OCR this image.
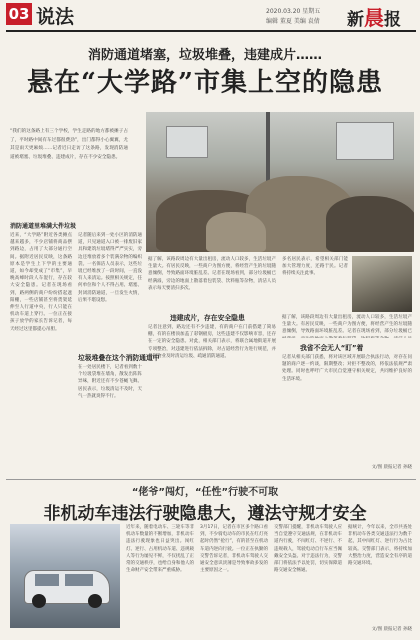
03 说法	2020.03.20 星期五
编辑 董夏 美编 袁倩 新晨报
消防通道堵塞，垃圾堆叠，违建成片……
悬在“大学路”市集上空的隐患
“我们的这条路上有三个学校，学生走路的地方都被摊子占了，平时路中间有车过都很费劲”，出门都得小心翼翼，尤其是雨天更麻烦……记者近日走访了这条路，发现消防通道被堵塞、垃圾堆叠、违建成片，存在不少安全隐患。
消防通道里堆满大件垃圾
近来，“大学路”附近各类摊点越来越多，不少店铺将商品摆到路边，占用了大部分通行空间。据附近居民反映，这条路原本是学生上下学的主要通道，如今却变成了“市集”，早晚高峰时段人车混行，存在较大安全隐患。记者在现场看到，路两侧的商户纷纷搭起遮阳棚，一些店铺甚至将货架延伸至人行道中央，行人只能在机动车道上穿行。一位正在接孩子放学的家长告诉记者，每天经过这里都提心吊胆。
记者随后来到一处小区的消防通道，只见通道入口被一排废旧家具和建筑垃圾堵得严严实实，旁边还堆放着多个装满杂物的编织袋。一名保洁人员表示，这些垃圾已经堆放了一段时间，一直没有人来清运。按照相关规定，任何单位和个人不得占用、堵塞、封闭消防通道，一旦发生火情，后果不堪设想。
垃圾堆叠在这个消防通道中
在一处居民楼下，记者看到数十个垃圾袋堆在墙角，散发出阵阵异味，附近还有不少苍蝇飞舞。居民表示，垃圾清运不及时，天气一热就臭得不行。
据了解，该路段周边有大量出租房，流动人口较多，生活垃圾产生量大。有居民反映，一些商户为图方便，将经营产生的垃圾随意倾倒，导致路面环境脏乱差。记者在现场看到，部分垃圾桶已经满溢，旁边的地面上散落着包装袋、饮料瓶等杂物，清洁人员表示每天要清扫多次。
违建成片，存在安全隐患
记者注意到，路边还有不少违建，有的商户在门前搭建了简易棚，有的在楼顶加盖了彩钢板房，这些违建不仅影响市容，还存在一定的安全隐患。对此，相关部门表示，将联合属地街道开展专项整治，对违建进行依法拆除，对占道经营行为进行规范，并督促物业及时清运垃圾、疏通消防通道。
多名居民表示，希望相关部门能加大管理力度，还路于民。记者将持续关注此事。
据了解，该路段周边有大量出租房，流动人口较多，生活垃圾产生量大。有居民反映，一些商户为图方便，将经营产生的垃圾随意倾倒，导致路面环境脏乱差。记者在现场看到，部分垃圾桶已
我省不会无人“盯”着
记者从相关部门获悉，将对该区域开展联合执法行动，对存在问题的商户逐一约谈，限期整改；对拒不整改的，将依法依规严肃处理。同时也呼吁广大市民自觉遵守相关规定，共同维护良好的生活环境。
文/图 晨报记者 孙晓
“佬爷”闯灯，“任性”行驶不可取
非机动车违法行驶隐患大，遵法守规才安全
近年来，随着电动车、三轮车等非机动车数量的不断增加，非机动车违法行驶现象也日益突出。闯红灯、逆行、占用机动车道、违规载人等行为屡见不鲜，不仅扰乱了正常的交通秩序，也给自身和他人的生命财产安全带来严重威胁。
3月17日，记者在市区多个路口看到，不少骑电动车的市民在红灯亮起时仍然“抢行”，有的甚至在机动车道内逆向行驶。一位正在执勤的交警告诉记者，非机动车驾驶人交通安全意识淡薄是导致事故多发的主要原因之一。
交警部门提醒，非机动车驾驶人应当自觉遵守交通法规，在非机动车道内行驶，不闯红灯、不逆行、不违规载人，驾驶电动自行车应当佩戴安全头盔。对于违法行为，交警部门将依法予以处罚，切实保障道路交通安全畅通。
据统计，今年以来，全市共查处非机动车各类交通违法行为数千起，其中闯红灯、逆行行为占比较高。交警部门表示，将持续加大整治力度，营造安全有序的道路交通环境。
文/图 晨报记者 孙晓
